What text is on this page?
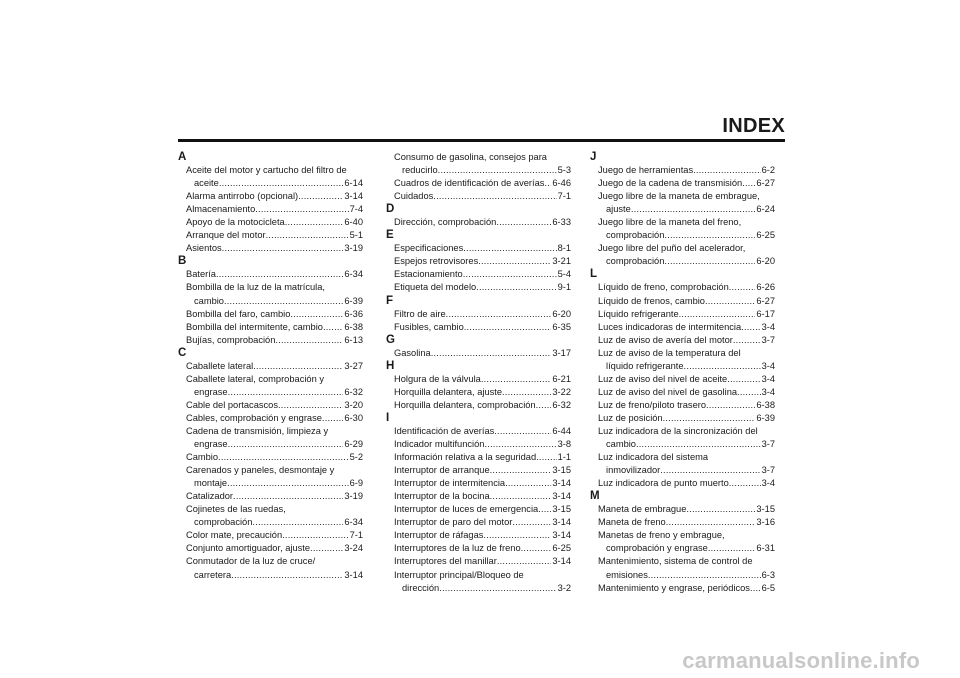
INDEX
A
Aceite del motor y cartucho del filtro de
aceite .....	6-14
Alarma antirrobo (opcional) .....	3-14
Almacenamiento .....	7-4
Apoyo de la motocicleta .....	6-40
Arranque del motor .....	5-1
Asientos .....	3-19
B
Batería .....	6-34
Bombilla de la luz de la matrícula,
cambio .....	6-39
Bombilla del faro, cambio .....	6-36
Bombilla del intermitente, cambio ..... 6-38
Bujías, comprobación .....	6-13
C
Caballete lateral .....	3-27
Caballete lateral, comprobación y
engrase .....	6-32
Cable del portacascos .....	3-20
Cables, comprobación y engrase ..... 6-30
Cadena de transmisión, limpieza y
engrase .....	6-29
Cambio .....	5-2
Carenados y paneles, desmontaje y
montaje .....	6-9
Catalizador .....	3-19
Cojinetes de las ruedas,
comprobación .....	6-34
Color mate, precaución .....	7-1
Conjunto amortiguador, ajuste .....	3-24
Conmutador de la luz de cruce/
carretera .....	3-14
Consumo de gasolina, consejos para
reducirlo .....	5-3
Cuadros de identificación de averías ..... 6-46
Cuidados .....	7-1
D
Dirección, comprobación .....	6-33
E
Especificaciones .....	8-1
Espejos retrovisores .....	3-21
Estacionamiento .....	5-4
Etiqueta del modelo .....	9-1
F
Filtro de aire .....	6-20
Fusibles, cambio .....	6-35
G
Gasolina .....	3-17
H
Holgura de la válvula .....	6-21
Horquilla delantera, ajuste .....	3-22
Horquilla delantera, comprobación ..... 6-32
I
Identificación de averías .....	6-44
Indicador multifunción .....	3-8
Información relativa a la seguridad ..... 1-1
Interruptor de arranque .....	3-15
Interruptor de intermitencia .....	3-14
Interruptor de la bocina .....	3-14
Interruptor de luces de emergencia ..... 3-15
Interruptor de paro del motor .....	3-14
Interruptor de ráfagas .....	3-14
Interruptores de la luz de freno .....	6-25
Interruptores del manillar .....	3-14
Interruptor principal/Bloqueo de
dirección .....	3-2
J
Juego de herramientas .....	6-2
Juego de la cadena de transmisión ..... 6-27
Juego libre de la maneta de embrague,
ajuste .....	6-24
Juego libre de la maneta del freno,
comprobación .....	6-25
Juego libre del puño del acelerador,
comprobación .....	6-20
L
Líquido de freno, comprobación .....	6-26
Líquido de frenos, cambio .....	6-27
Líquido refrigerante .....	6-17
Luces indicadoras de intermitencia ..... 3-4
Luz de aviso de avería del motor .....	3-7
Luz de aviso de la temperatura del
líquido refrigerante .....	3-4
Luz de aviso del nivel de aceite .....	3-4
Luz de aviso del nivel de gasolina .....	3-4
Luz de freno/piloto trasero .....	6-38
Luz de posición .....	6-39
Luz indicadora de la sincronización del
cambio .....	3-7
Luz indicadora del sistema
inmovilizador .....	3-7
Luz indicadora de punto muerto .....	3-4
M
Maneta de embrague .....	3-15
Maneta de freno .....	3-16
Manetas de freno y embrague,
comprobación y engrase .....	6-31
Mantenimiento, sistema de control de
emisiones .....	6-3
Mantenimiento y engrase, periódicos ..... 6-5
carmanualsonline.info
